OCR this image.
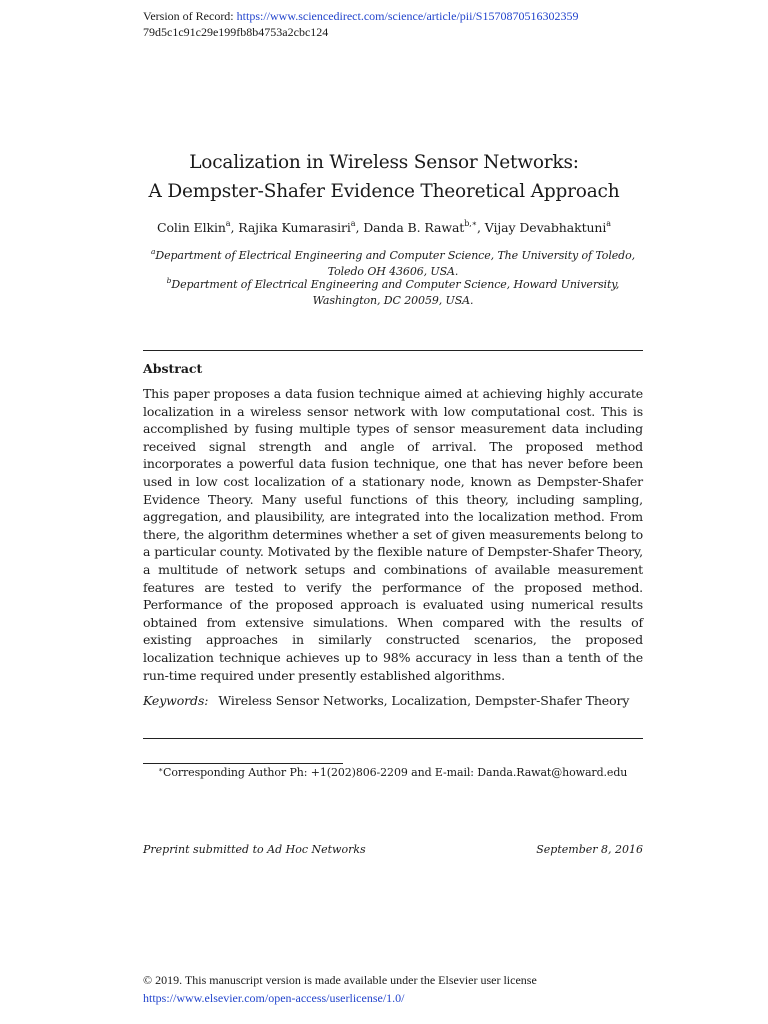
Version of Record: https://www.sciencedirect.com/science/article/pii/S1570870516302359
79d5c1c91c29e199fb8b4753a2cbc124
Localization in Wireless Sensor Networks:
A Dempster-Shafer Evidence Theoretical Approach
Colin Elkin$^a$, Rajika Kumarasiri$^a$, Danda B. Rawat$^{b,∗}$, Vijay Devabhaktuni$^a$
$^a$Department of Electrical Engineering and Computer Science, The University of Toledo,
Toledo OH 43606, USA.
$^b$Department of Electrical Engineering and Computer Science, Howard University,
Washington, DC 20059, USA.
Abstract
This paper proposes a data fusion technique aimed at achieving highly accurate localization in a wireless sensor network with low computational cost. This is accomplished by fusing multiple types of sensor measurement data including received signal strength and angle of arrival. The proposed method incorporates a powerful data fusion technique, one that has never before been used in low cost localization of a stationary node, known as Dempster-Shafer Evidence Theory. Many useful functions of this theory, including sampling, aggregation, and plausibility, are integrated into the localization method. From there, the algorithm determines whether a set of given measurements belong to a particular county. Motivated by the flexible nature of Dempster-Shafer Theory, a multitude of network setups and combinations of available measurement features are tested to verify the performance of the proposed method. Performance of the proposed approach is evaluated using numerical results obtained from extensive simulations. When compared with the results of existing approaches in similarly constructed scenarios, the proposed localization technique achieves up to 98% accuracy in less than a tenth of the run-time required under presently established algorithms.
Keywords: Wireless Sensor Networks, Localization, Dempster-Shafer Theory
∗Corresponding Author Ph: +1(202)806-2209 and E-mail: Danda.Rawat@howard.edu
Preprint submitted to Ad Hoc Networks	September 8, 2016
© 2019. This manuscript version is made available under the Elsevier user license
https://www.elsevier.com/open-access/userlicense/1.0/
